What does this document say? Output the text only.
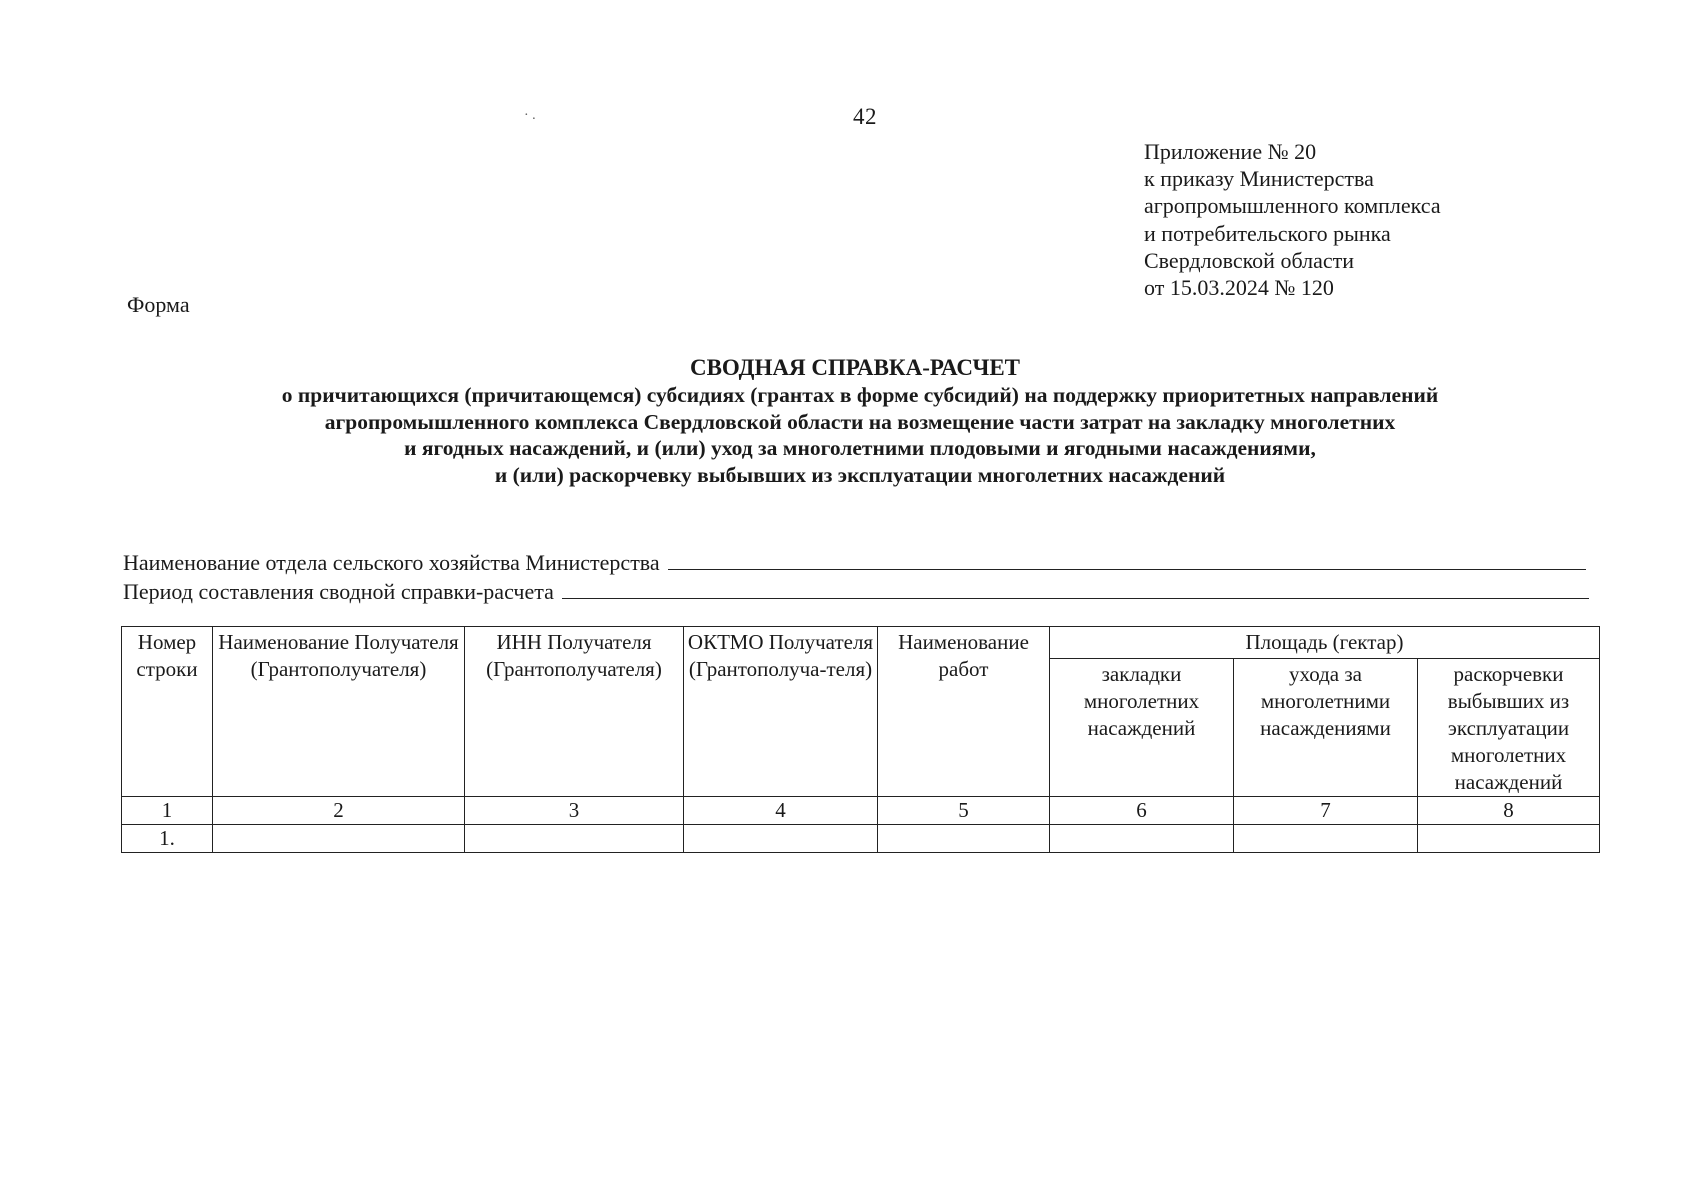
· .	42
Приложение № 20
к приказу Министерства
агропромышленного комплекса
и потребительского рынка
Свердловской области
от 15.03.2024 № 120
Форма
СВОДНАЯ СПРАВКА-РАСЧЕТ
о причитающихся (причитающемся) субсидиях (грантах в форме субсидий) на поддержку приоритетных направлений
агропромышленного комплекса Свердловской области на возмещение части затрат на закладку многолетних
и ягодных насаждений, и (или) уход за многолетними плодовыми и ягодными насаждениями,
и (или) раскорчевку выбывших из эксплуатации многолетних насаждений
Наименование отдела сельского хозяйства Министерства
Период составления сводной справки-расчета
Номер строки	Наименование Получателя (Грантополучателя)	ИНН Получателя (Грантополучателя)	ОКТМО Получателя (Грантополуча-теля)	Наименование работ	Площадь (гектар)		

					закладки многолетних насаждений	ухода за многолетними насаждениями	раскорчевки выбывших из эксплуатации многолетних насаждений

1	2	3	4	5	6	7	8
1.							
